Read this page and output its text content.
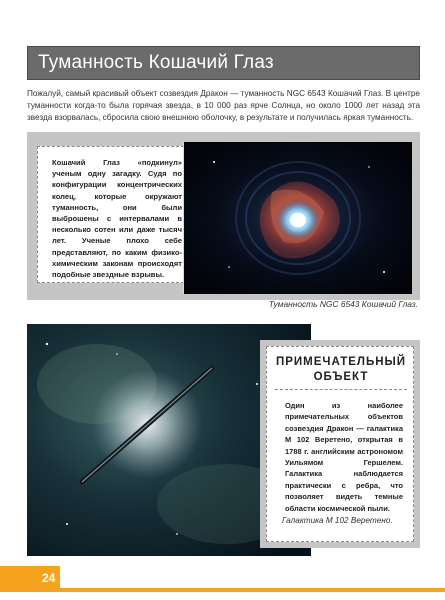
Туманность Кошачий Глаз

Пожалуй, самый красивый объект созвездия Дракон — туманность NGC 6543 Кошачий Глаз. В центре туманности когда-то была горячая звезда, в 10 000 раз ярче Солнца, но около 1000 лет назад эта звезда взорвалась, сбросила свою внешнюю оболочку, в результате и получилась яркая туманность.

Кошачий Глаз «подкинул» ученым одну загадку. Судя по конфигурации концентрических колец, которые окружают туманность, они были выброшены с интервалами в несколько сотен или даже тысяч лет. Ученые плохо себе представляют, по каким физико-химическим законам происходят подобные звездные взрывы.

Туманность NGC 6543 Кошачий Глаз.
ПРИМЕЧАТЕЛЬНЫЙ
ОБЪЕКТ

Один из наиболее примечательных объектов созвездия Дракон — галактика М 102 Веретено, открытая в 1788 г. английским астрономом Уильямом Гершелем. Галактика наблюдается практически с ребра, что позволяет видеть темные области космической пыли.

Галактика М 102 Веретено.
24
